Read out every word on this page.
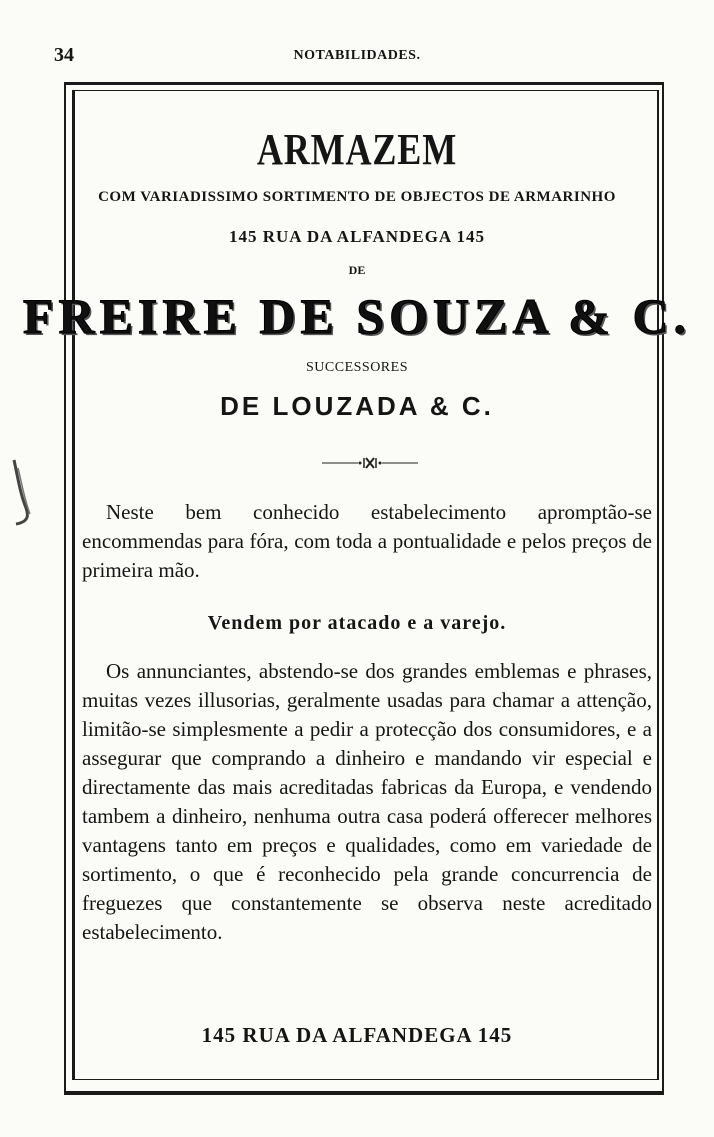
34	NOTABILIDADES.
ARMAZEM
COM VARIADISSIMO SORTIMENTO DE OBJECTOS DE ARMARINHO
145 RUA DA ALFANDEGA 145
DE
FREIRE DE SOUZA & C.
SUCCESSORES
DE LOUZADA & C.
Neste bem conhecido estabelecimento apromptão-se encommendas para fóra, com toda a pontualidade e pelos preços de primeira mão.
Vendem por atacado e a varejo.
Os annunciantes, abstendo-se dos grandes emblemas e phrases, muitas vezes illusorias, geralmente usadas para chamar a attenção, limitão-se simplesmente a pedir a protecção dos consumidores, e a assegurar que comprando a dinheiro e mandando vir especial e directamente das mais acreditadas fabricas da Europa, e vendendo tambem a dinheiro, nenhuma outra casa poderá offerecer melhores vantagens tanto em preços e qualidades, como em variedade de sortimento, o que é reconhecido pela grande concurrencia de freguezes que constantemente se observa neste acreditado estabelecimento.
145 RUA DA ALFANDEGA 145
